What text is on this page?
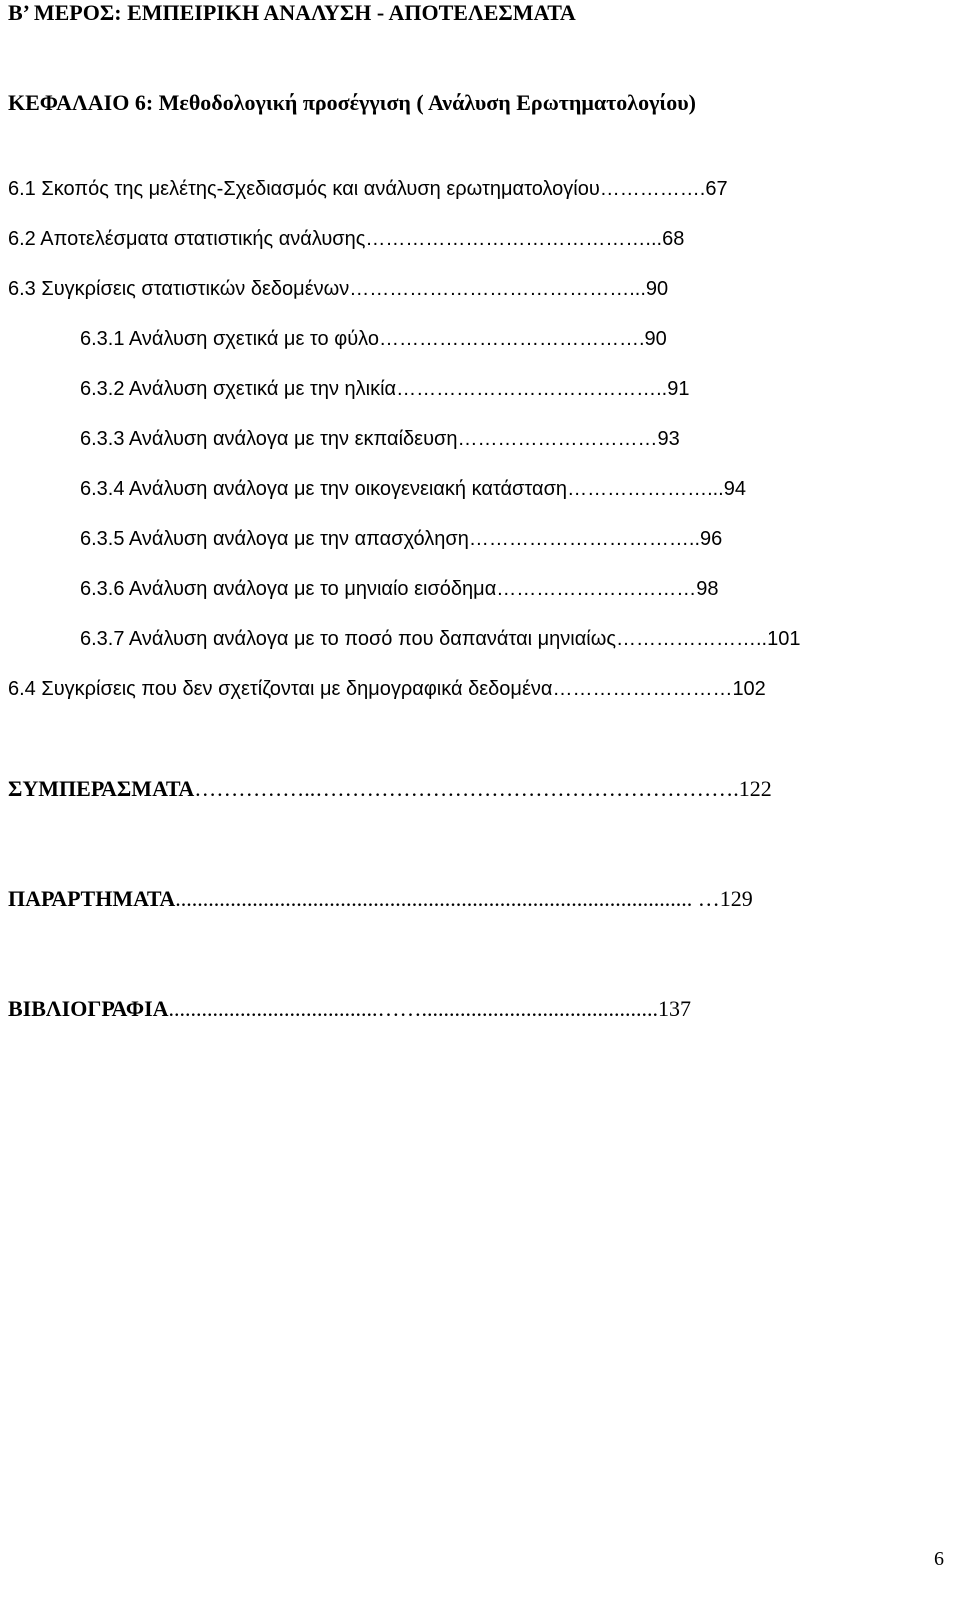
Β’ ΜΕΡΟΣ: ΕΜΠΕΙΡΙΚΗ ΑΝΑΛΥΣΗ - ΑΠΟΤΕΛΕΣΜΑΤΑ
ΚΕΦΑΛΑΙΟ 6: Μεθοδολογική προσέγγιση ( Ανάλυση Ερωτηματολογίου)
6.1 Σκοπός της μελέτης-Σχεδιασμός και ανάλυση ερωτηματολογίου…………….67
6.2 Αποτελέσματα στατιστικής ανάλυσης……………………………………...68
6.3 Συγκρίσεις στατιστικών δεδομένων……………………………………...90
6.3.1 Ανάλυση σχετικά με το φύλο………………………………….90
6.3.2 Ανάλυση σχετικά με την ηλικία…………………………………..91
6.3.3 Ανάλυση ανάλογα με την εκπαίδευση…………………………93
6.3.4 Ανάλυση ανάλογα με την οικογενειακή κατάσταση…………………...94
6.3.5 Ανάλυση ανάλογα με την απασχόληση……………………………..96
6.3.6 Ανάλυση ανάλογα με το μηνιαίο εισόδημα…………………………98
6.3.7 Ανάλυση ανάλογα με το ποσό που δαπανάται μηνιαίως…………………..101
6.4 Συγκρίσεις που δεν σχετίζονται με δημογραφικά δεδομένα………………………102
ΣΥΜΠΕΡΑΣΜΑΤΑ……………..………………………………………………….122
ΠΑΡΑΡΤΗΜΑΤΑ.............................................................................................. …129
ΒΙΒΛΙΟΓΡΑΦΙΑ......................................……...........................................137
6
